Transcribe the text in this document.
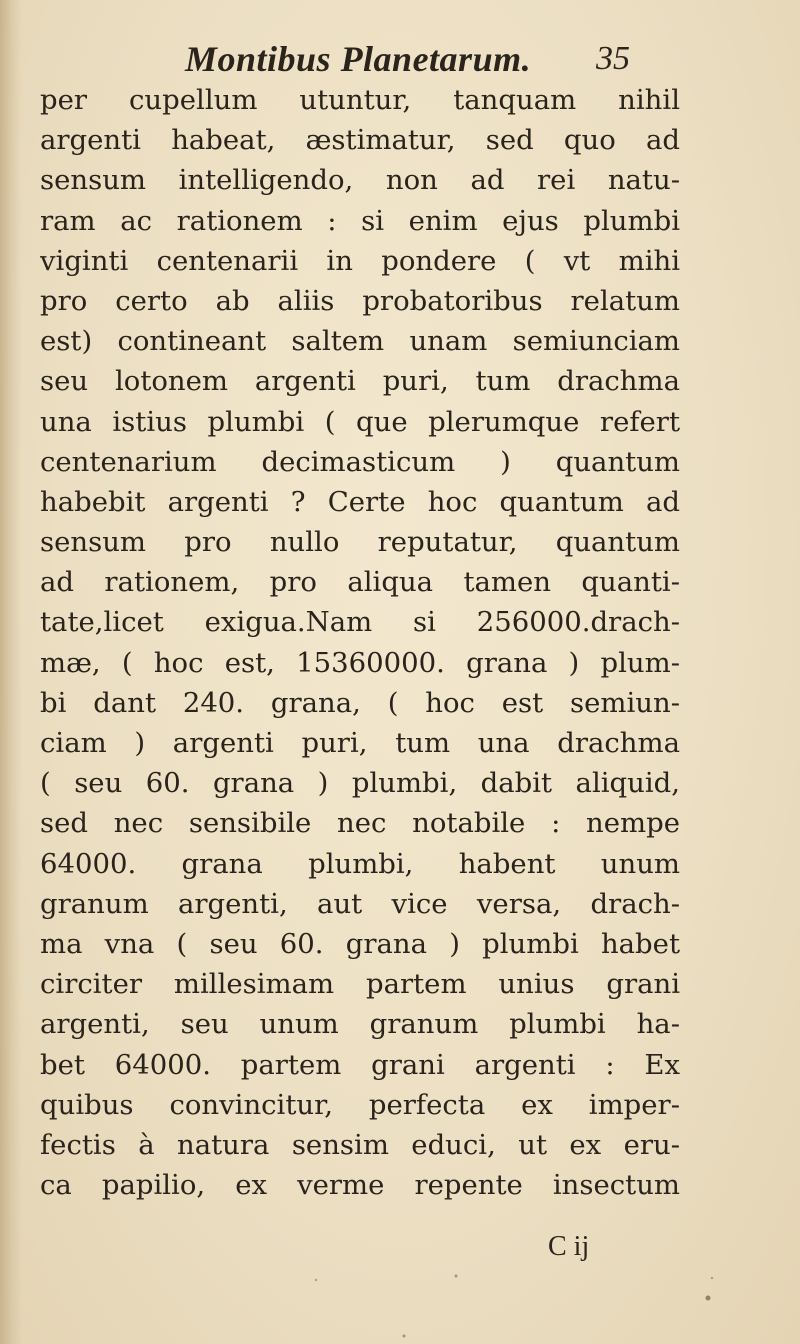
Montibus Planetarum. 35
per cupellum utuntur, tanquam nihil
argenti habeat, æstimatur, sed quo ad
sensum intelligendo, non ad rei natu-
ram ac rationem : si enim ejus plumbi
viginti centenarii in pondere ( vt mihi
pro certo ab aliis probatoribus relatum
est) contineant saltem unam semiunciam
seu lotonem argenti puri, tum drachma
una istius plumbi ( que plerumque refert
centenarium decimasticum ) quantum
habebit argenti ? Certe hoc quantum ad
sensum pro nullo reputatur, quantum
ad rationem, pro aliqua tamen quanti-
tate,licet exigua.Nam si 256000.drach-
mæ, ( hoc est, 15360000. grana ) plum-
bi dant 240. grana, ( hoc est semiun-
ciam ) argenti puri, tum una drachma
( seu 60. grana ) plumbi, dabit aliquid,
sed nec sensibile nec notabile : nempe
64000. grana plumbi, habent unum
granum argenti, aut vice versa, drach-
ma vna ( seu 60. grana ) plumbi habet
circiter millesimam partem unius grani
argenti, seu unum granum plumbi ha-
bet 64000. partem grani argenti : Ex
quibus convincitur, perfecta ex imper-
fectis à natura sensim educi, ut ex eru-
ca papilio, ex verme repente insectum
C ij
